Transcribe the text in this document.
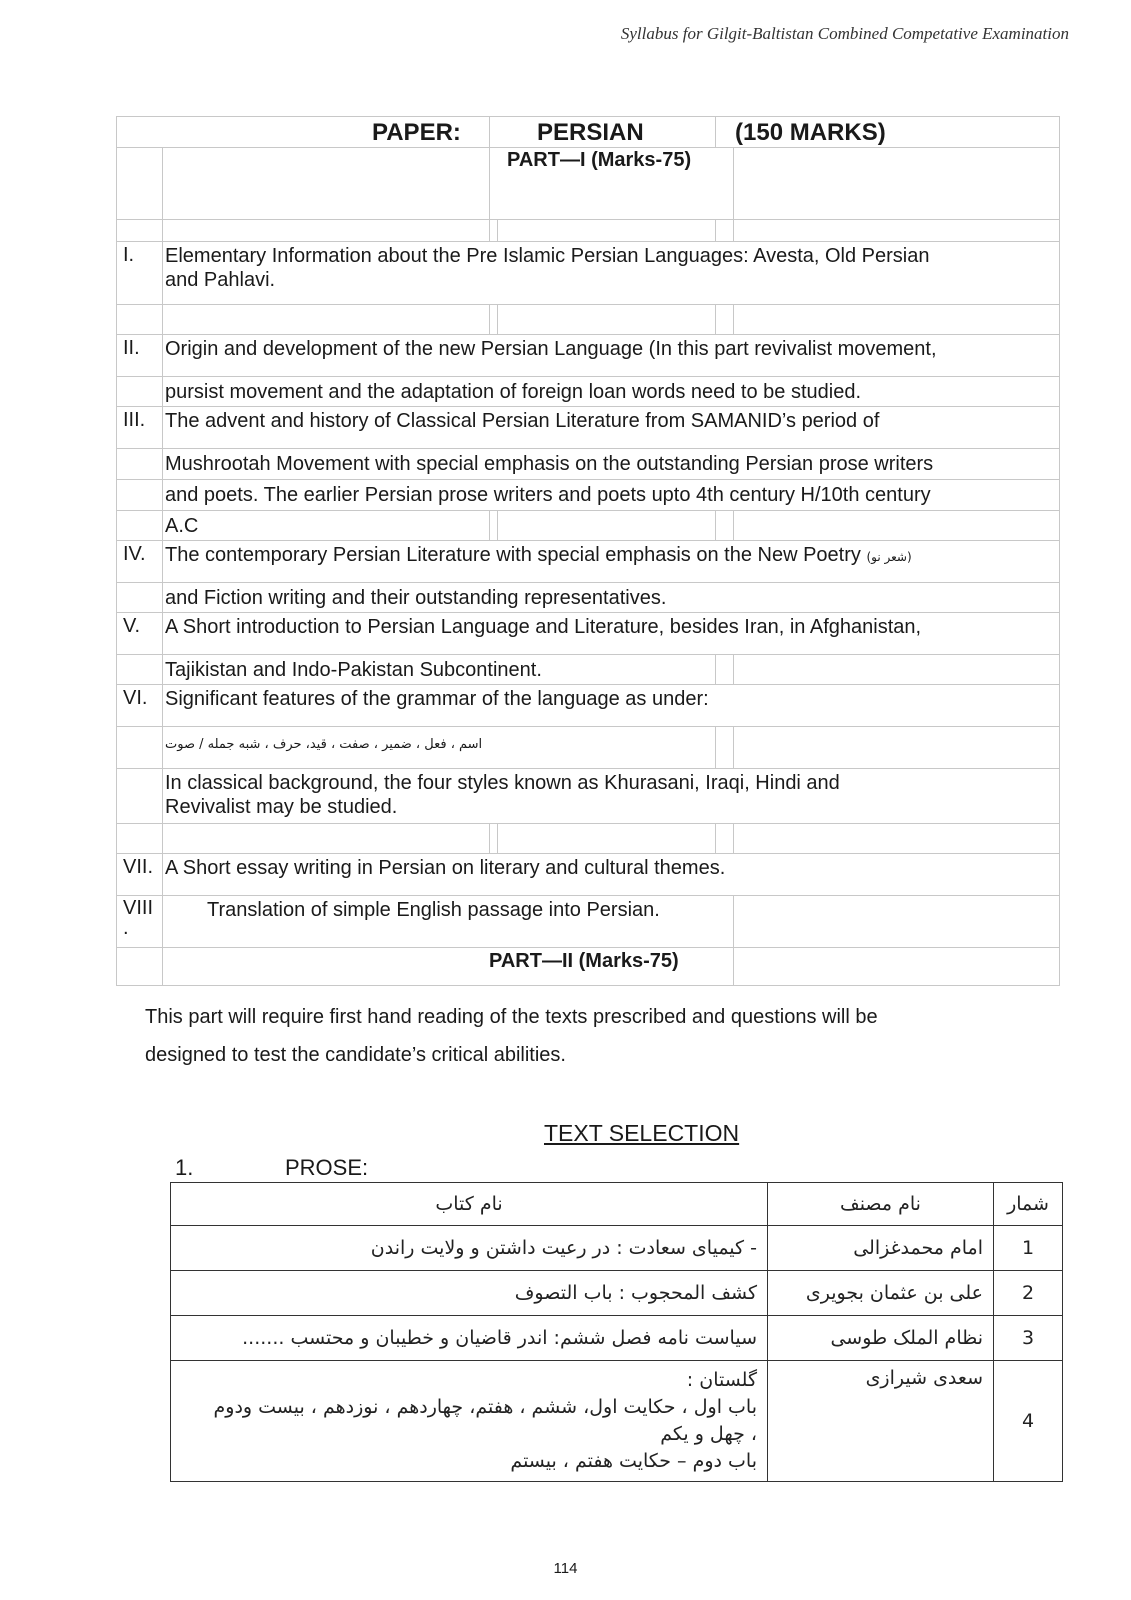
Syllabus for Gilgit-Baltistan Combined Competative Examination
PAPER:	PERSIAN	(150 MARKS)
PART—I (Marks-75)
I.	Elementary Information about the Pre Islamic Persian Languages: Avesta, Old Persian
and Pahlavi.
II.	Origin and development of the new Persian Language (In this part revivalist movement,
pursist movement and the adaptation of foreign loan words need to be studied.
III. The advent and history of Classical Persian Literature from SAMANID’s period of
Mushrootah Movement with special emphasis on the outstanding Persian prose writers
and poets. The earlier Persian prose writers and poets upto 4th century H/10th century
A.C
IV. The contemporary Persian Literature with special emphasis on the New Poetry (شعر نو)
and Fiction writing and their outstanding representatives.
V.	A Short introduction to Persian Language and Literature, besides Iran, in Afghanistan,
Tajikistan and Indo-Pakistan Subcontinent.
VI. Significant features of the grammar of the language as under:
اسم ، فعل ، ضمیر ، صفت ، قید، حرف ، شبه جمله / صوت
In classical background, the four styles known as Khurasani, Iraqi, Hindi and
Revivalist may be studied.
VII. A Short essay writing in Persian on literary and cultural themes.
VIII
.
Translation of simple English passage into Persian.
PART—II (Marks-75)
This part will require first hand reading of the texts prescribed and questions will be
designed to test the candidate’s critical abilities.
TEXT SELECTION
1.	PROSE:
شمار	نام مصنف	نام کتاب
1	امام محمدغزالی	- کیمیای سعادت : در رعیت داشتن و ولایت راندن
2	علی بن عثمان بجویری	کشف المحجوب : باب التصوف
3	نظام الملک طوسی	سیاست نامه فصل ششم: اندر قاضیان و خطیبان و محتسب .......
4	سعدی شیرازی	گلستان :
باب اول ، حکایت اول، ششم ، هفتم، چهاردهم ، نوزدهم ، بیست ودوم
، چهل و یکم
باب دوم – حکایت هفتم ، بیستم
114
